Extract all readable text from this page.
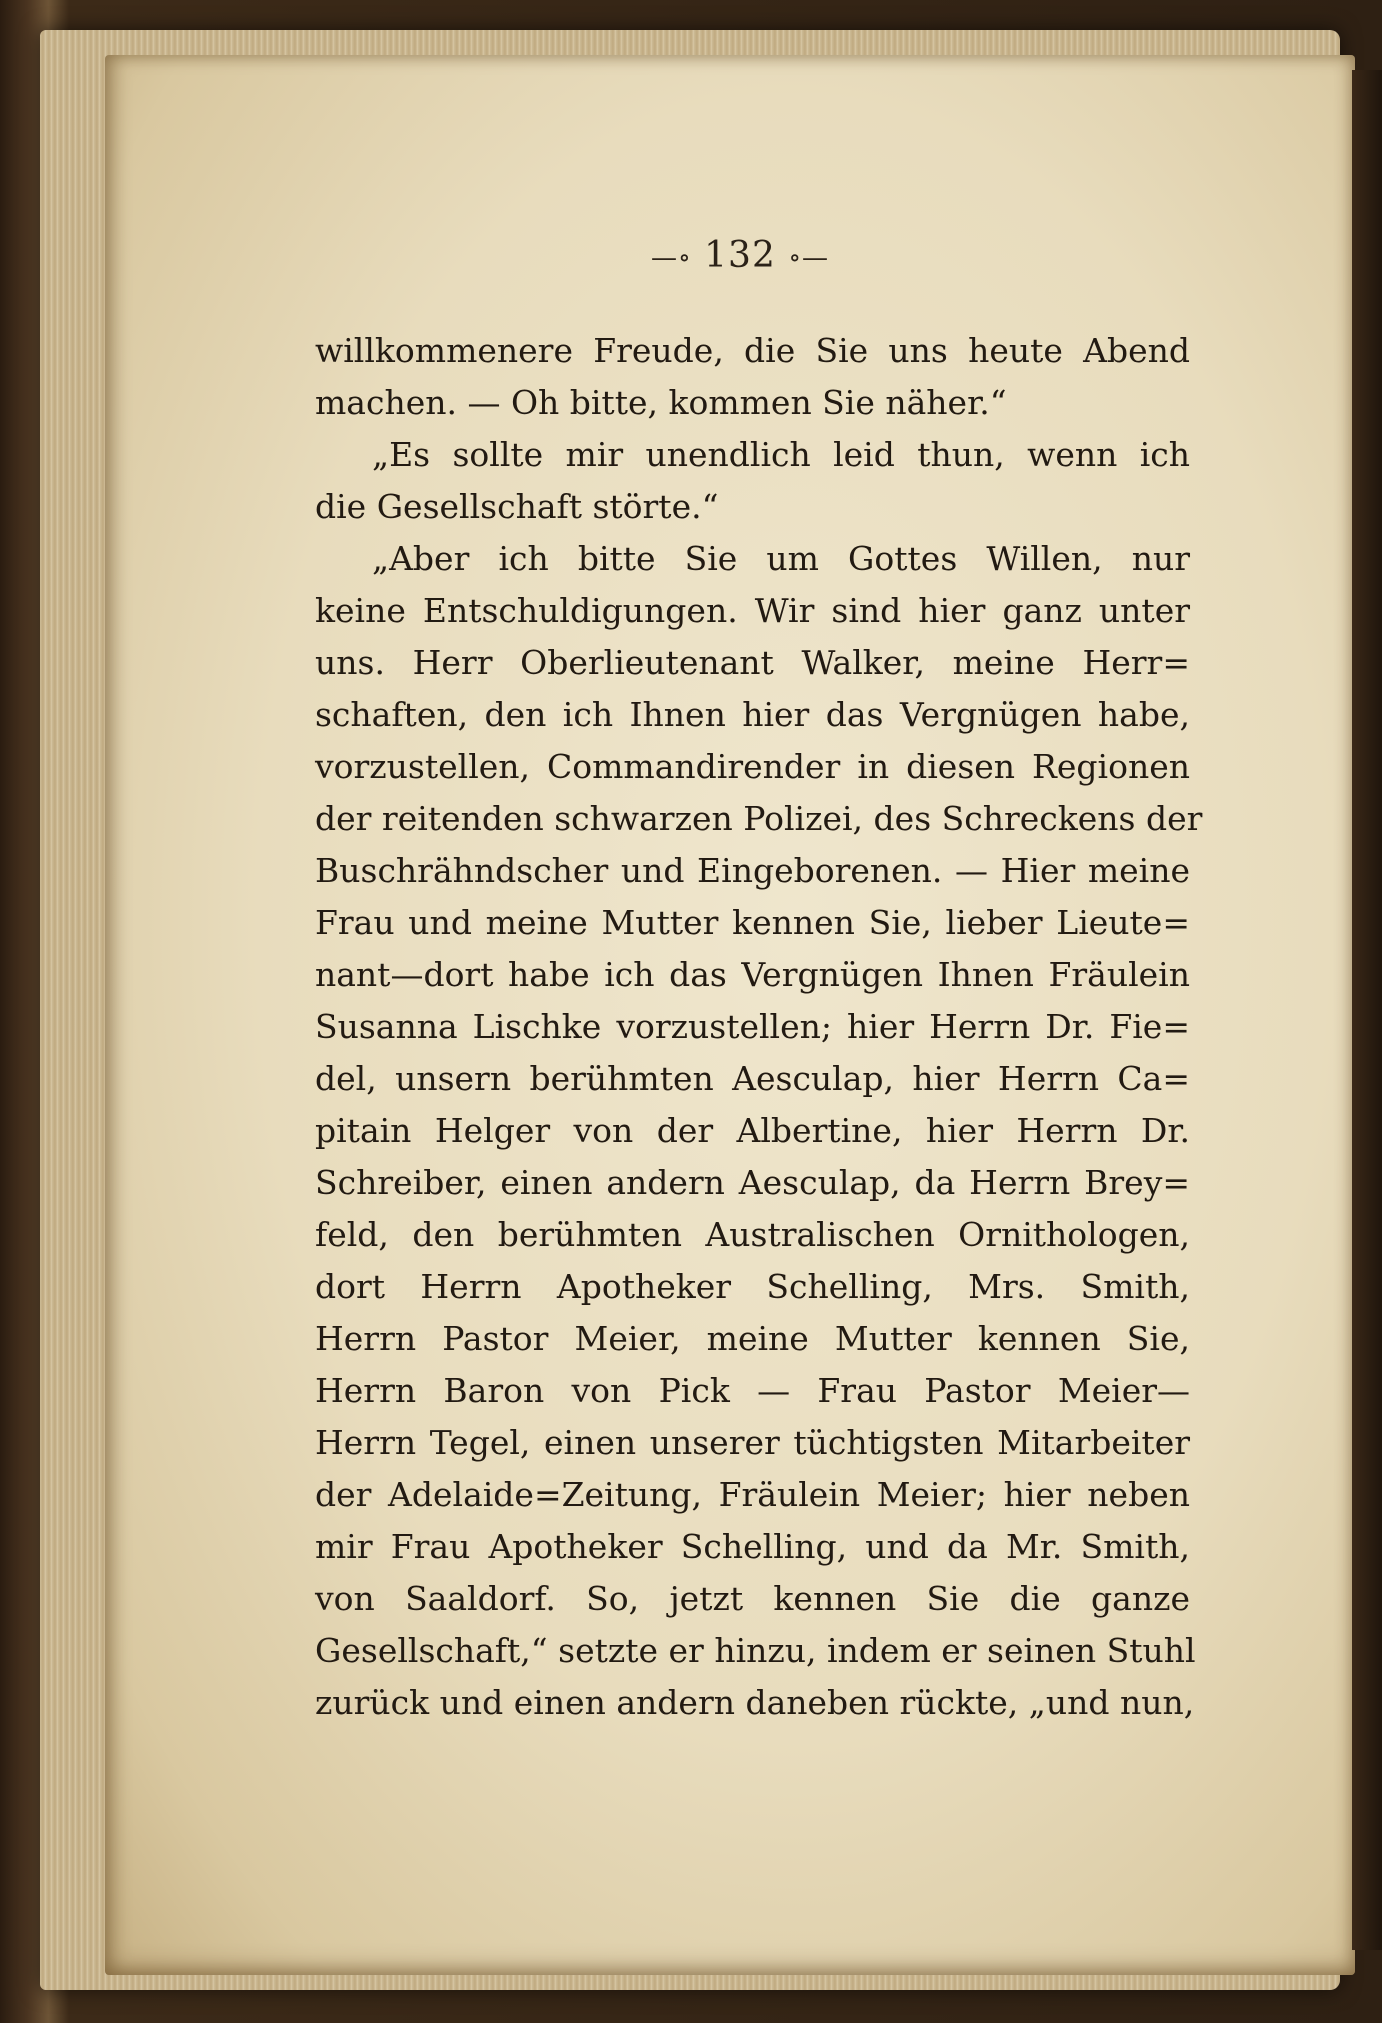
—∘ 132 ∘—
willkommenere Freude, die Sie uns heute Abend
machen. — Oh bitte, kommen Sie näher.“
„Es sollte mir unendlich leid thun, wenn ich
die Gesellschaft störte.“
„Aber ich bitte Sie um Gottes Willen, nur
keine Entschuldigungen. Wir sind hier ganz unter
uns. Herr Oberlieutenant Walker, meine Herr=
schaften, den ich Ihnen hier das Vergnügen habe,
vorzustellen, Commandirender in diesen Regionen
der reitenden schwarzen Polizei, des Schreckens der
Buschrähndscher und Eingeborenen. — Hier meine
Frau und meine Mutter kennen Sie, lieber Lieute=
nant—dort habe ich das Vergnügen Ihnen Fräulein
Susanna Lischke vorzustellen; hier Herrn Dr. Fie=
del, unsern berühmten Aesculap, hier Herrn Ca=
pitain Helger von der Albertine, hier Herrn Dr.
Schreiber, einen andern Aesculap, da Herrn Brey=
feld, den berühmten Australischen Ornithologen,
dort Herrn Apotheker Schelling, Mrs. Smith,
Herrn Pastor Meier, meine Mutter kennen Sie,
Herrn Baron von Pick — Frau Pastor Meier—
Herrn Tegel, einen unserer tüchtigsten Mitarbeiter
der Adelaide=Zeitung, Fräulein Meier; hier neben
mir Frau Apotheker Schelling, und da Mr. Smith,
von Saaldorf. So, jetzt kennen Sie die ganze
Gesellschaft,“ setzte er hinzu, indem er seinen Stuhl
zurück und einen andern daneben rückte, „und nun,
